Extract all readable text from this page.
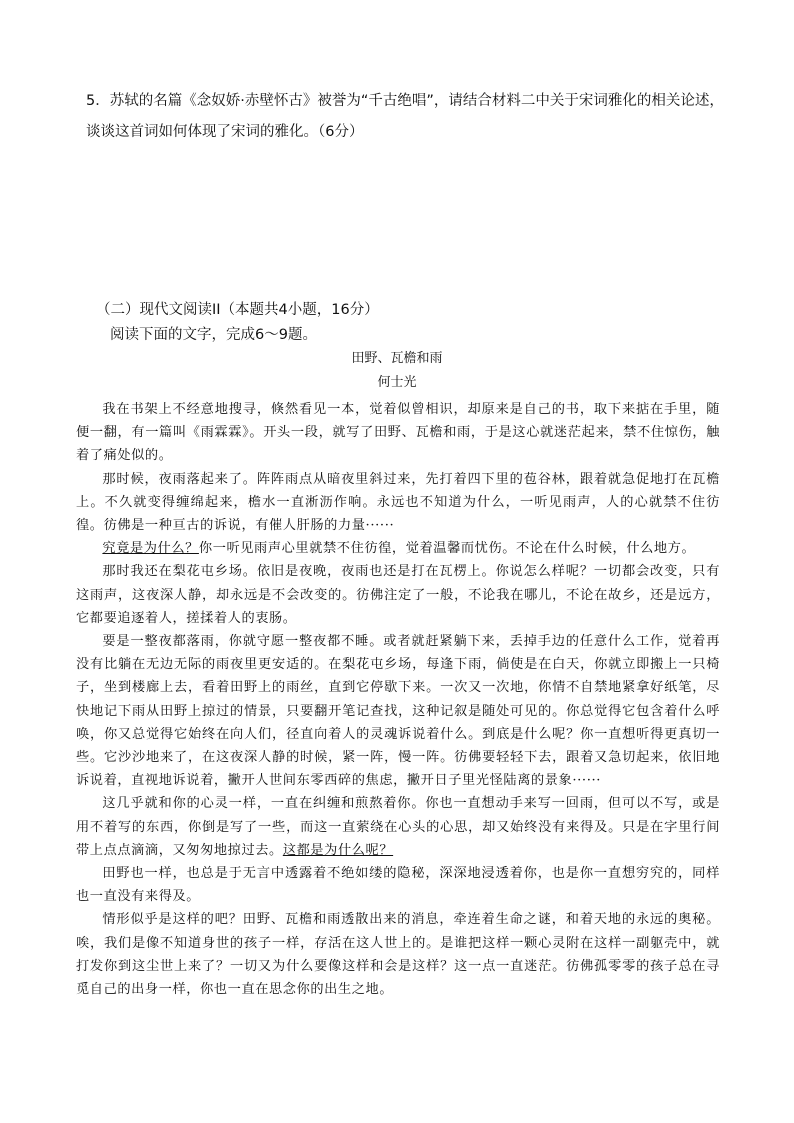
5．苏轼的名篇《念奴娇·赤壁怀古》被誉为“千古绝唱”，请结合材料二中关于宋词雅化的相关论述，谈谈这首词如何体现了宋词的雅化。（6分）
（二）现代文阅读II（本题共4小题，16分）
阅读下面的文字，完成6～9题。
田野、瓦檐和雨
何士光

我在书架上不经意地搜寻，倏然看见一本，觉着似曾相识，却原来是自己的书，取下来掂在手里，随便一翻，有一篇叫《雨霖霖》。开头一段，就写了田野、瓦檐和雨，于是这心就迷茫起来，禁不住惊伤，触着了痛处似的。

那时候，夜雨落起来了。阵阵雨点从暗夜里斜过来，先打着四下里的苞谷林，跟着就急促地打在瓦檐上。不久就变得缠绵起来，檐水一直淅沥作响。永远也不知道为什么，一听见雨声，人的心就禁不住彷徨。彷佛是一种亘古的诉说，有催人肝肠的力量······

究竟是为什么？你一听见雨声心里就禁不住彷徨，觉着温馨而忧伤。不论在什么时候，什么地方。

那时我还在梨花屯乡场。依旧是夜晚，夜雨也还是打在瓦楞上。你说怎么样呢？一切都会改变，只有这雨声，这夜深人静，却永远是不会改变的。彷佛注定了一般，不论我在哪儿，不论在故乡，还是远方，它都要追逐着人，搓揉着人的衷肠。

要是一整夜都落雨，你就守愿一整夜都不睡。或者就赶紧躺下来，丢掉手边的任意什么工作，觉着再没有比躺在无边无际的雨夜里更安适的。在梨花屯乡场，每逢下雨，倘使是在白天，你就立即搬上一只椅子，坐到楼廊上去，看着田野上的雨丝，直到它停歇下来。一次又一次地，你情不自禁地紧拿好纸笔，尽快地记下雨从田野上掠过的情景，只要翻开笔记查找，这种记叙是随处可见的。你总觉得它包含着什么呼唤，你又总觉得它始终在向人们，径直向着人的灵魂诉说着什么。到底是什么呢？你一直想听得更真切一些。它沙沙地来了，在这夜深人静的时候，紧一阵，慢一阵。彷佛要轻轻下去，跟着又急切起来，依旧地诉说着，直视地诉说着，撇开人世间东零西碎的焦虑，撇开日子里光怪陆离的景象······

这几乎就和你的心灵一样，一直在纠缠和煎熬着你。你也一直想动手来写一回雨，但可以不写，或是用不着写的东西，你倒是写了一些，而这一直萦绕在心头的心思，却又始终没有来得及。只是在字里行间带上点点滴滴，又匆匆地掠过去。这都是为什么呢？

田野也一样，也总是于无言中透露着不绝如缕的隐秘，深深地浸透着你，也是你一直想穷究的，同样也一直没有来得及。

情形似乎是这样的吧？田野、瓦檐和雨透散出来的消息，牵连着生命之谜，和着天地的永远的奥秘。唉，我们是像不知道身世的孩子一样，存活在这人世上的。是谁把这样一颗心灵附在这样一副躯壳中，就打发你到这尘世上来了？一切又为什么要像这样和会是这样？这一点一直迷茫。彷佛孤零零的孩子总在寻觅自己的出身一样，你也一直在思念你的出生之地。
